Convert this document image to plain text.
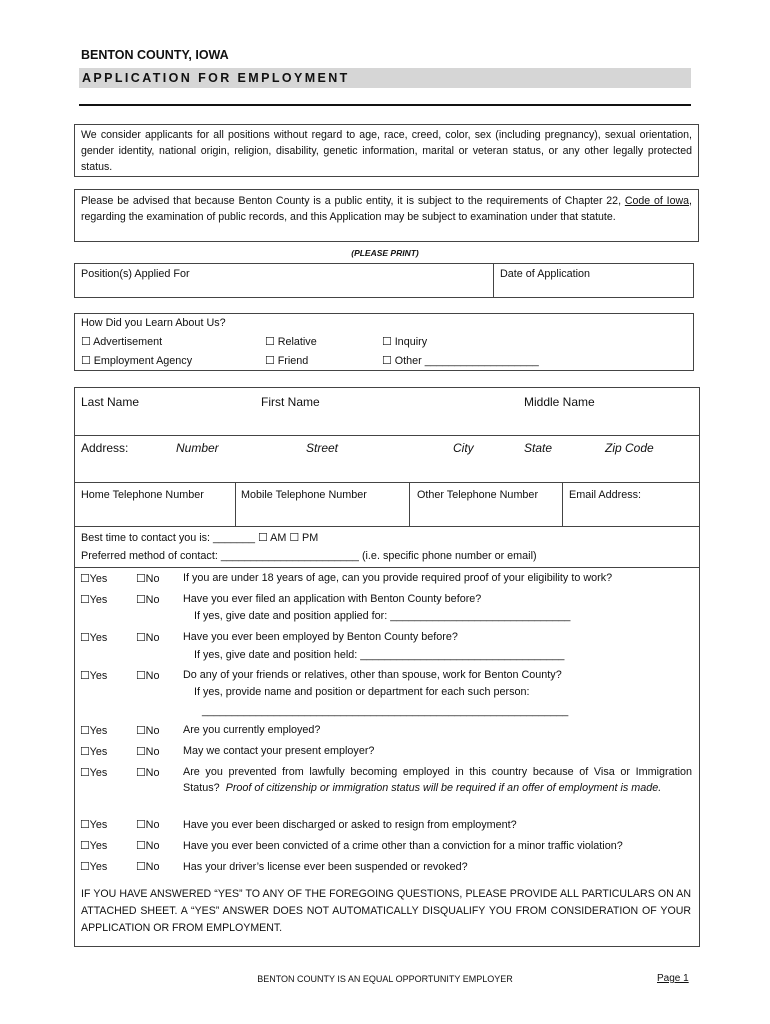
BENTON COUNTY, IOWA
APPLICATION FOR EMPLOYMENT
We consider applicants for all positions without regard to age, race, creed, color, sex (including pregnancy), sexual orientation, gender identity, national origin, religion, disability, genetic information, marital or veteran status, or any other legally protected status.
Please be advised that because Benton County is a public entity, it is subject to the requirements of Chapter 22, Code of Iowa, regarding the examination of public records, and this Application may be subject to examination under that statute.
(PLEASE PRINT)
Position(s) Applied For	Date of Application
How Did you Learn About Us?
☐ Advertisement	☐ Relative	☐ Inquiry
☐ Employment Agency	☐ Friend	☐ Other ___________________
Last Name	First Name	Middle Name
Address:	Number	Street	City	State	Zip Code
Home Telephone Number	Mobile Telephone Number	Other Telephone Number	Email Address:
Best time to contact you is: _______ ☐ AM ☐ PM
Preferred method of contact: _______________________ (i.e. specific phone number or email)
☐Yes	☐No If you are under 18 years of age, can you provide required proof of your eligibility to work?
☐Yes	☐No Have you ever filed an application with Benton County before?
If yes, give date and position applied for: ______________________________
☐Yes	☐No Have you ever been employed by Benton County before?
If yes, give date and position held: __________________________________
☐Yes	☐No Do any of your friends or relatives, other than spouse, work for Benton County?
If yes, provide name and position or department for each such person:
_____________________________________________________________
☐Yes	☐No Are you currently employed?
☐Yes	☐No May we contact your present employer?
☐Yes	☐No Are you prevented from lawfully becoming employed in this country because of Visa or Immigration Status? Proof of citizenship or immigration status will be required if an offer of employment is made.
☐Yes	☐No Have you ever been discharged or asked to resign from employment?
☐Yes	☐No Have you ever been convicted of a crime other than a conviction for a minor traffic violation?
☐Yes	☐No Has your driver’s license ever been suspended or revoked?
IF YOU HAVE ANSWERED “YES” TO ANY OF THE FOREGOING QUESTIONS, PLEASE PROVIDE ALL PARTICULARS ON AN ATTACHED SHEET. A “YES” ANSWER DOES NOT AUTOMATICALLY DISQUALIFY YOU FROM CONSIDERATION OF YOUR APPLICATION OR FROM EMPLOYMENT.
BENTON COUNTY IS AN EQUAL OPPORTUNITY EMPLOYER	Page 1
